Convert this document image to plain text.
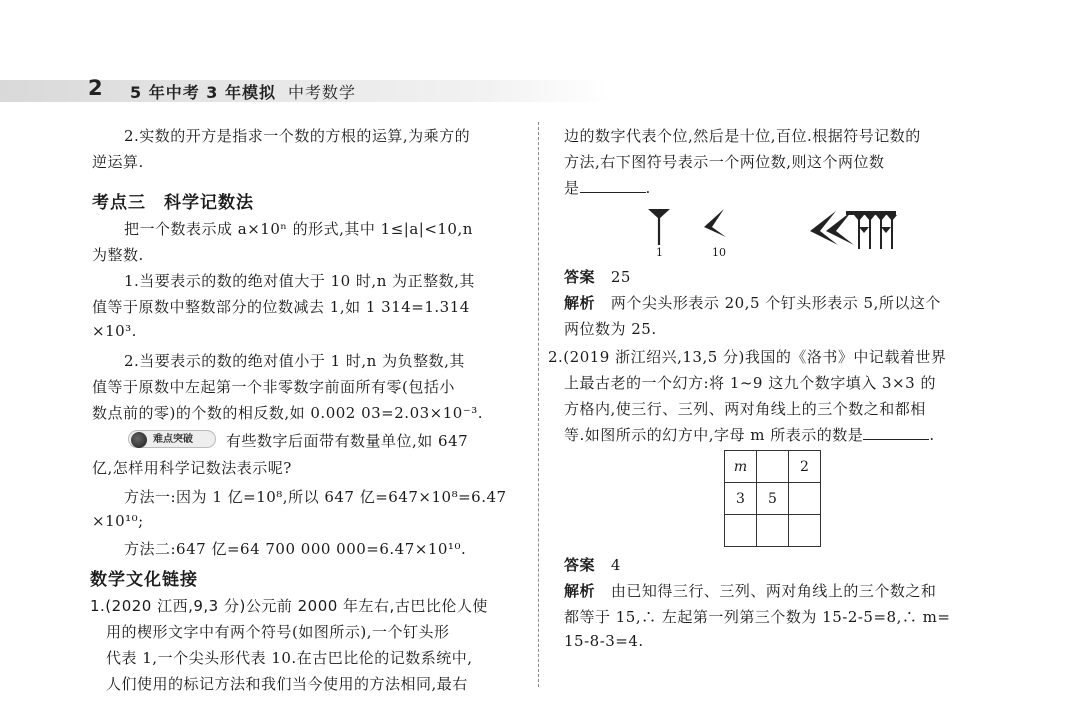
2 5 年中考 3 年模拟 中考数学
2.实数的开方是指求一个数的方根的运算,为乘方的
逆运算.
考点三　科学记数法
把一个数表示成 a×10ⁿ 的形式,其中 1≤|a|<10,n
为整数.
1.当要表示的数的绝对值大于 10 时,n 为正整数,其
值等于原数中整数部分的位数减去 1,如 1 314=1.314
×10³.
2.当要表示的数的绝对值小于 1 时,n 为负整数,其
值等于原数中左起第一个非零数字前面所有零(包括小
数点前的零)的个数的相反数,如 0.002 03=2.03×10⁻³.
难点突破	有些数字后面带有数量单位,如 647
亿,怎样用科学记数法表示呢?
方法一:因为 1 亿=10⁸,所以 647 亿=647×10⁸=6.47
×10¹⁰;
方法二:647 亿=64 700 000 000=6.47×10¹⁰.
数学文化链接
1.(2020 江西,9,3 分)公元前 2000 年左右,古巴比伦人使
用的楔形文字中有两个符号(如图所示),一个钉头形
代表 1,一个尖头形代表 10.在古巴比伦的记数系统中,
人们使用的标记方法和我们当今使用的方法相同,最右
边的数字代表个位,然后是十位,百位.根据符号记数的
方法,右下图符号表示一个两位数,则这个两位数
是	.
1	10
答案 25
解析 两个尖头形表示 20,5 个钉头形表示 5,所以这个
两位数为 25.
2.(2019 浙江绍兴,13,5 分)我国的《洛书》中记载着世界
上最古老的一个幻方:将 1~9 这九个数字填入 3×3 的
方格内,使三行、三列、两对角线上的三个数之和都相
等.如图所示的幻方中,字母 m 所表示的数是	.
m		2
3	5	

答案 4
解析 由已知得三行、三列、两对角线上的三个数之和
都等于 15,∴ 左起第一列第三个数为 15-2-5=8,∴ m=
15-8-3=4.
